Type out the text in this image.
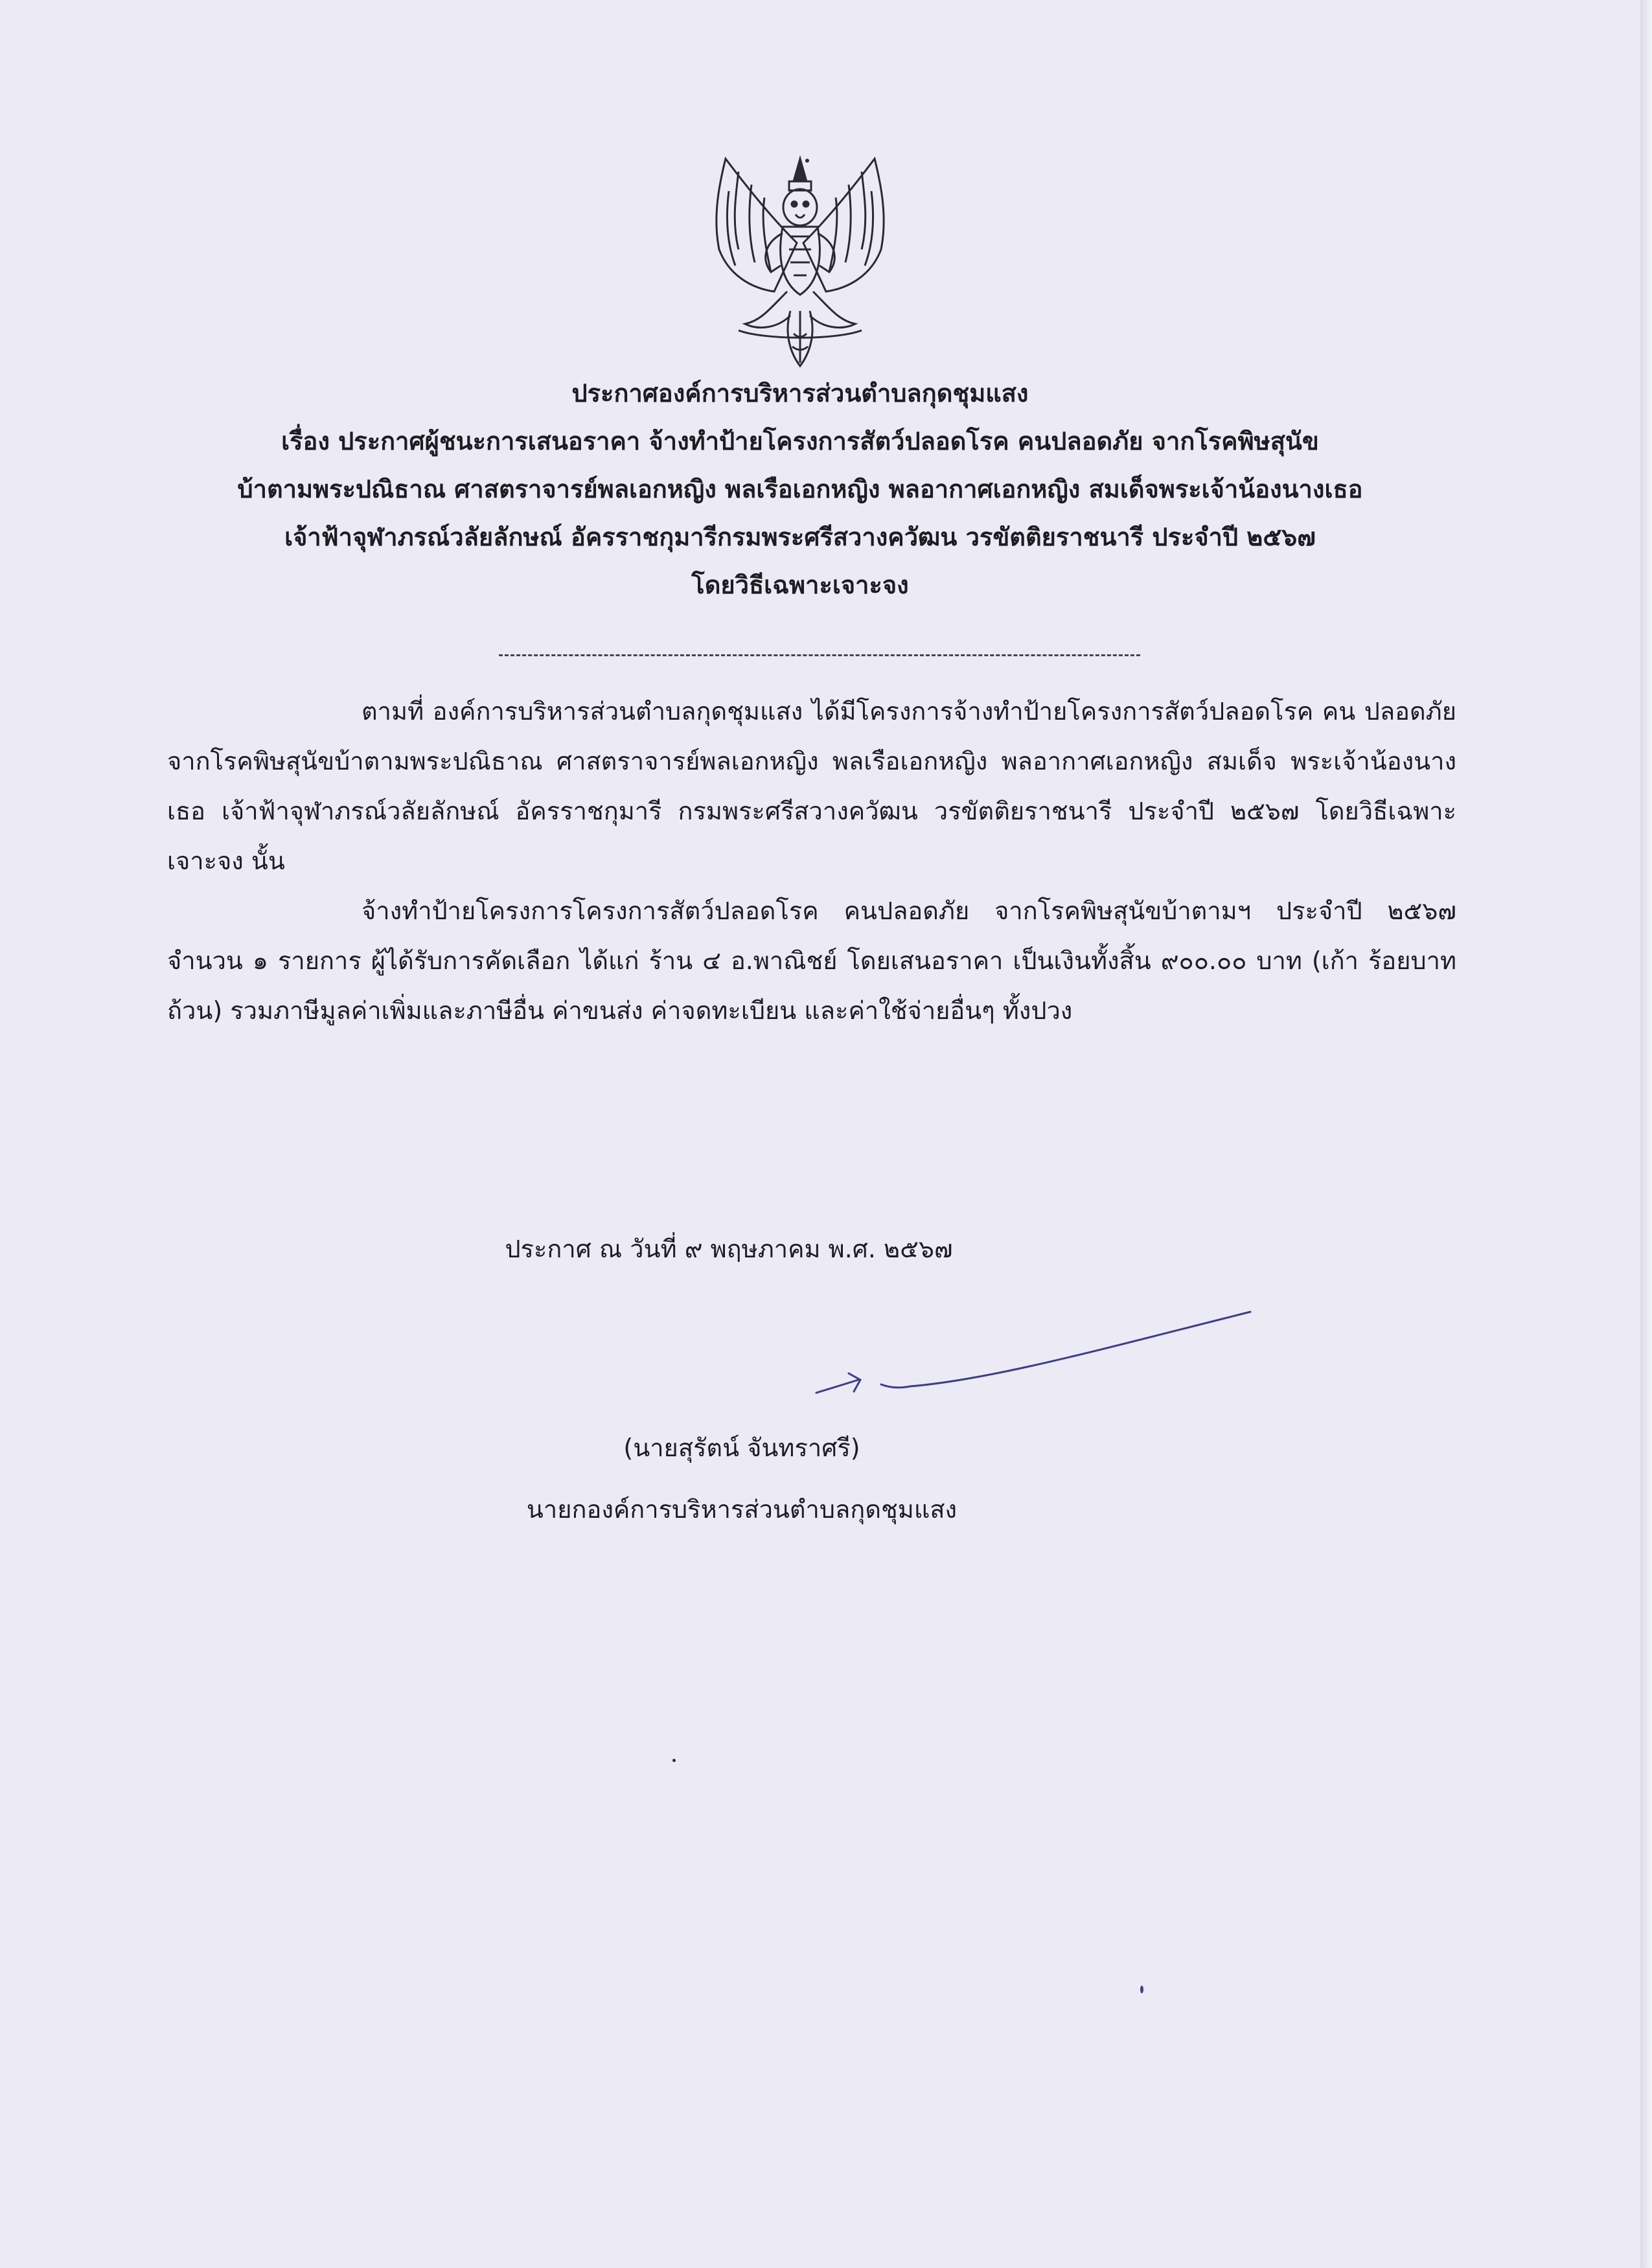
ประกาศองค์การบริหารส่วนตำบลกุดชุมแสง

เรื่อง ประกาศผู้ชนะการเสนอราคา จ้างทำป้ายโครงการสัตว์ปลอดโรค คนปลอดภัย จากโรคพิษสุนัข

บ้าตามพระปณิธาณ ศาสตราจารย์พลเอกหญิง พลเรือเอกหญิง พลอากาศเอกหญิง สมเด็จพระเจ้าน้องนางเธอ

เจ้าฟ้าจุฬาภรณ์วลัยลักษณ์ อัครราชกุมารีกรมพระศรีสวางควัฒน วรขัตติยราชนารี ประจำปี ๒๕๖๗

โดยวิธีเฉพาะเจาะจง

ตามที่ องค์การบริหารส่วนตำบลกุดชุมแสง ได้มีโครงการจ้างทำป้ายโครงการสัตว์ปลอดโรค คน ปลอดภัย จากโรคพิษสุนัขบ้าตามพระปณิธาณ ศาสตราจารย์พลเอกหญิง พลเรือเอกหญิง พลอากาศเอกหญิง สมเด็จ พระเจ้าน้องนางเธอ เจ้าฟ้าจุฬาภรณ์วลัยลักษณ์ อัครราชกุมารี กรมพระศรีสวางควัฒน วรขัตติยราชนารี ประจำปี ๒๕๖๗ โดยวิธีเฉพาะเจาะจง นั้น

จ้างทำป้ายโครงการโครงการสัตว์ปลอดโรค คนปลอดภัย จากโรคพิษสุนัขบ้าตามฯ ประจำปี ๒๕๖๗ จำนวน ๑ รายการ ผู้ได้รับการคัดเลือก ได้แก่ ร้าน ๔ อ.พาณิชย์ โดยเสนอราคา เป็นเงินทั้งสิ้น ๙๐๐.๐๐ บาท (เก้า ร้อยบาทถ้วน) รวมภาษีมูลค่าเพิ่มและภาษีอื่น ค่าขนส่ง ค่าจดทะเบียน และค่าใช้จ่ายอื่นๆ ทั้งปวง

ประกาศ ณ วันที่ ๙ พฤษภาคม พ.ศ. ๒๕๖๗
(นายสุรัตน์ จันทราศรี)
นายกองค์การบริหารส่วนตำบลกุดชุมแสง
